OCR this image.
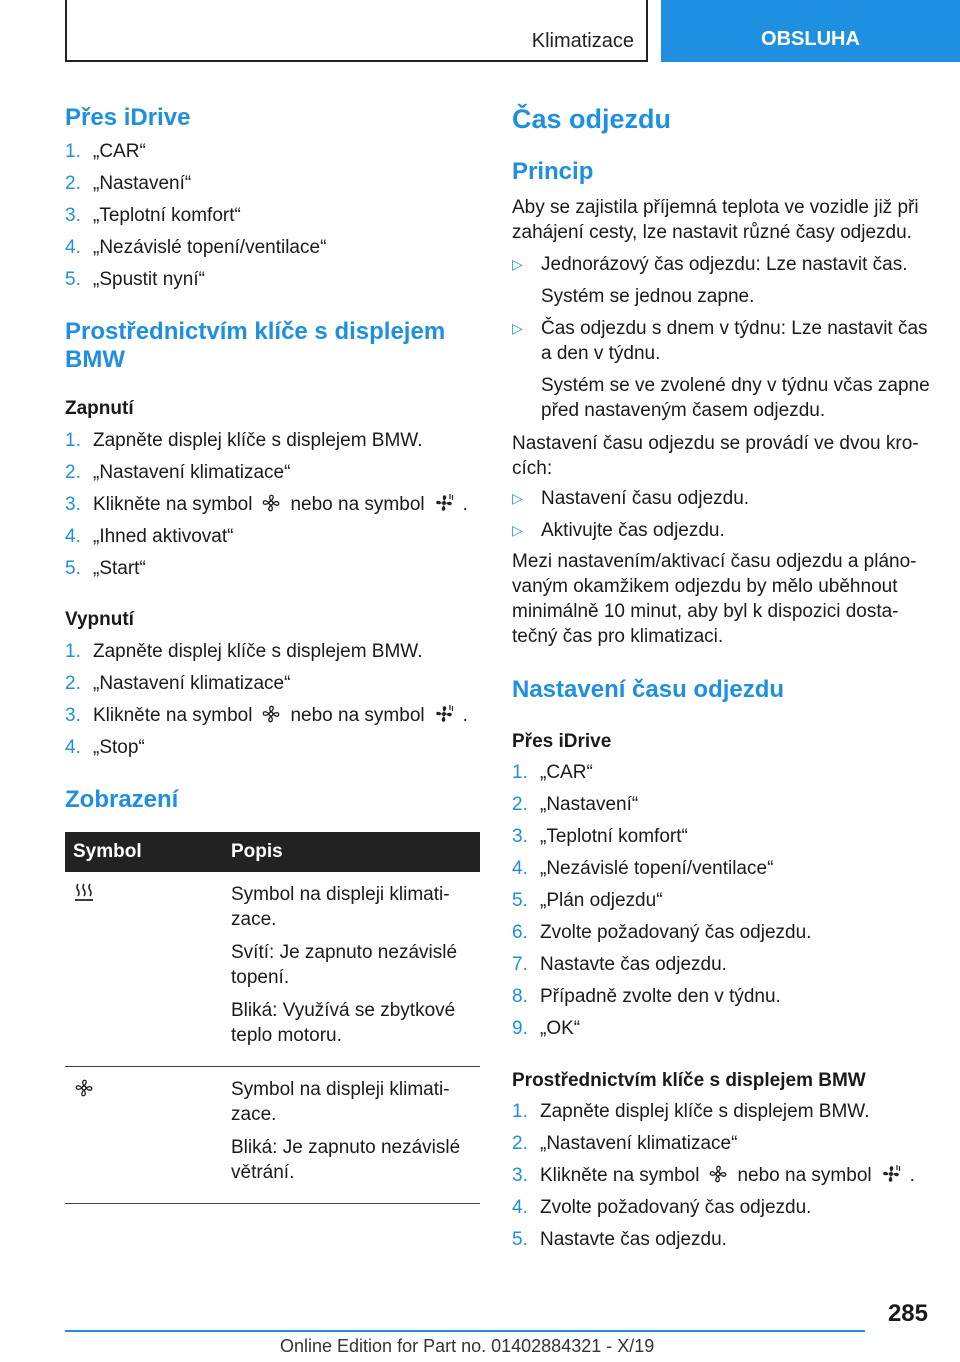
Klimatizace	OBSLUHA
Přes iDrive
1. „CAR“
2. „Nastavení“
3. „Teplotní komfort“
4. „Nezávislé topení/ventilace“
5. „Spustit nyní“
Prostřednictvím klíče s displejem BMW
Zapnutí
1. Zapněte displej klíče s displejem BMW.
2. „Nastavení klimatizace“
3. Klikněte na symbol nebo na symbol .
4. „Ihned aktivovat“
5. „Start“
Vypnutí
1. Zapněte displej klíče s displejem BMW.
2. „Nastavení klimatizace“
3. Klikněte na symbol nebo na symbol .
4. „Stop“
Zobrazení
Symbol	Popis

Symbol na displeji klimati-zace.

Svítí: Je zapnuto nezávislé topení.

Bliká: Využívá se zbytkové teplo motoru.

Symbol na displeji klimati-zace.

Bliká: Je zapnuto nezávislé větrání.

Čas odjezdu
Princip

Aby se zajistila příjemná teplota ve vozidle již při zahájení cesty, lze nastavit různé časy odjezdu.

▷ Jednorázový čas odjezdu: Lze nastavit čas.
Systém se jednou zapne.
▷ Čas odjezdu s dnem v týdnu: Lze nastavit čas a den v týdnu.
Systém se ve zvolené dny v týdnu včas zapne před nastaveným časem odjezdu.

Nastavení času odjezdu se provádí ve dvou kro-cích:

▷ Nastavení času odjezdu.
▷ Aktivujte čas odjezdu.

Mezi nastavením/aktivací času odjezdu a pláno-vaným okamžikem odjezdu by mělo uběhnout minimálně 10 minut, aby byl k dispozici dosta-tečný čas pro klimatizaci.

Nastavení času odjezdu
Přes iDrive
1. „CAR“
2. „Nastavení“
3. „Teplotní komfort“
4. „Nezávislé topení/ventilace“
5. „Plán odjezdu“
6. Zvolte požadovaný čas odjezdu.
7. Nastavte čas odjezdu.
8. Případně zvolte den v týdnu.
9. „OK“
Prostřednictvím klíče s displejem BMW
1. Zapněte displej klíče s displejem BMW.
2. „Nastavení klimatizace“
3. Klikněte na symbol nebo na symbol .
4. Zvolte požadovaný čas odjezdu.
5. Nastavte čas odjezdu.
285
Online Edition for Part no. 01402884321 - X/19
